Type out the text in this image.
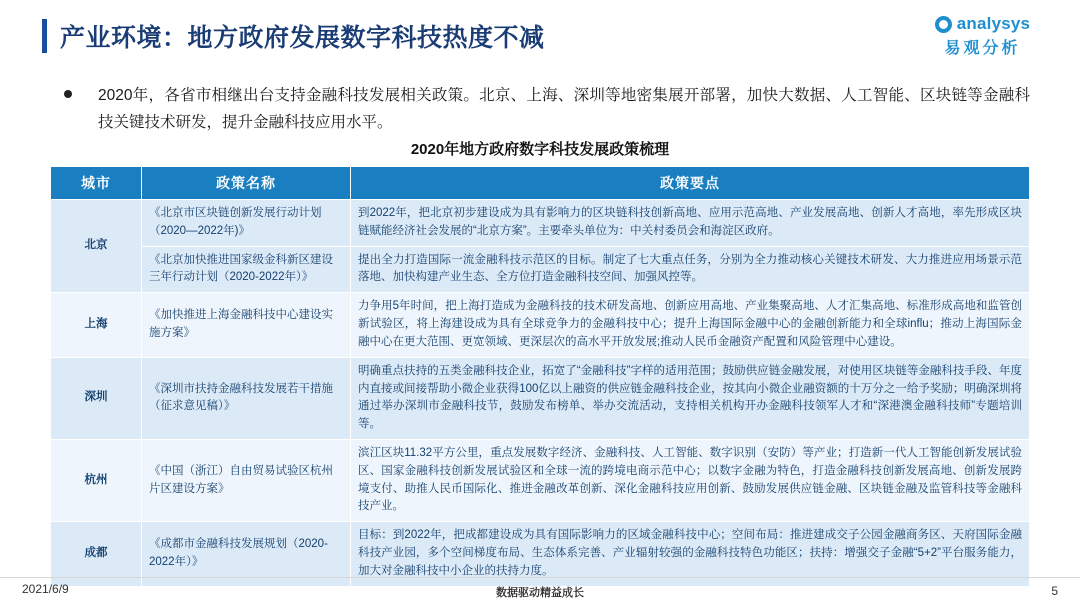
产业环境：地方政府发展数字科技热度不减
analysys
易观分析
2020年，各省市相继出台支持金融科技发展相关政策。北京、上海、深圳等地密集展开部署，加快大数据、人工智能、区块链等金融科技关键技术研发，提升金融科技应用水平。
2020年地方政府数字科技发展政策梳理
城市	政策名称	政策要点
北京	《北京市区块链创新发展行动计划（2020—2022年)》	到2022年，把北京初步建设成为具有影响力的区块链科技创新高地、应用示范高地、产业发展高地、创新人才高地，率先形成区块链赋能经济社会发展的“北京方案”。主要牵头单位为：中关村委员会和海淀区政府。
	《北京加快推进国家级金科新区建设三年行动计划（2020-2022年）》	提出全力打造国际一流金融科技示范区的目标。制定了七大重点任务，分别为全力推动核心关键技术研发、大力推进应用场景示范落地、加快构建产业生态、全方位打造金融科技空间、加强风控等。
上海	《加快推进上海金融科技中心建设实施方案》	力争用5年时间，把上海打造成为金融科技的技术研发高地、创新应用高地、产业集聚高地、人才汇集高地、标准形成高地和监管创新试验区，将上海建设成为具有全球竞争力的金融科技中心；提升上海国际金融中心的金融创新能力和全球influ；推动上海国际金融中心在更大范围、更宽领域、更深层次的高水平开放发展;推动人民币金融资产配置和风险管理中心建设。
深圳	《深圳市扶持金融科技发展若干措施（征求意见稿）》	明确重点扶持的五类金融科技企业，拓宽了“金融科技”字样的适用范围；鼓励供应链金融发展，对使用区块链等金融科技手段、年度内直接或间接帮助小微企业获得100亿以上融资的供应链金融科技企业，按其向小微企业融资额的十万分之一给予奖励；明确深圳将通过举办深圳市金融科技节，鼓励发布榜单、举办交流活动，支持相关机构开办金融科技领军人才和“深港澳金融科技师”专题培训等。
杭州	《中国（浙江）自由贸易试验区杭州片区建设方案》	滨江区块11.32平方公里，重点发展数字经济、金融科技、人工智能、数字识别（安防）等产业；打造新一代人工智能创新发展试验区、国家金融科技创新发展试验区和全球一流的跨境电商示范中心；以数字金融为特色，打造金融科技创新发展高地、创新发展跨境支付、助推人民币国际化、推进金融改革创新、深化金融科技应用创新、鼓励发展供应链金融、区块链金融及监管科技等金融科技产业。
成都	《成都市金融科技发展规划（2020-2022年）》	目标：到2022年，把成都建设成为具有国际影响力的区域金融科技中心；空间布局：推进建成交子公园金融商务区、天府国际金融科技产业园，多个空间梯度布局、生态体系完善、产业辐射较强的金融科技特色功能区；扶持：增强交子金融“5+2”平台服务能力，加大对金融科技中小企业的扶持力度。
2021/6/9	数据驱动精益成长	5
